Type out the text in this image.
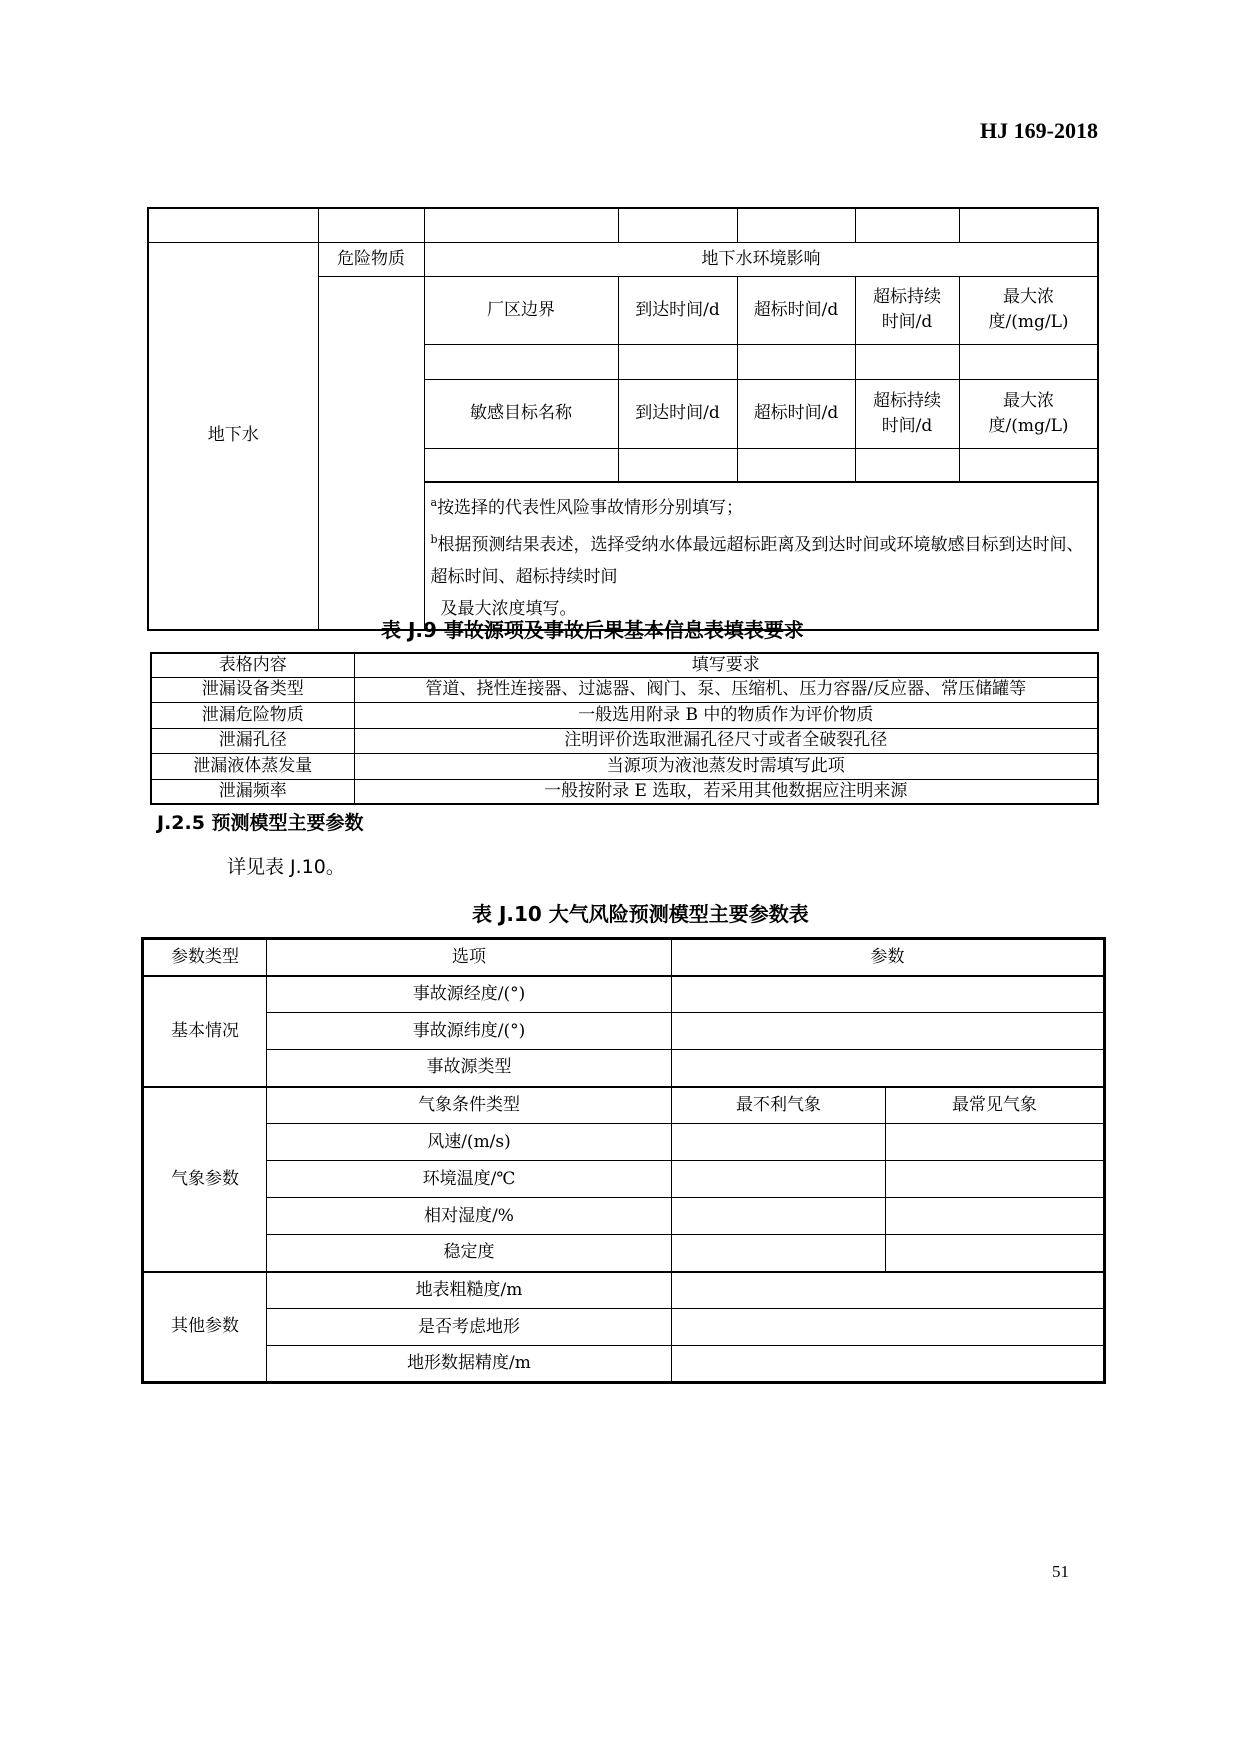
HJ 169-2018

地下水	危险物质	地下水环境影响				
		厂区边界	到达时间/d	超标时间/d	超标持续时间/d	最大浓度/(mg/L)

		敏感目标名称	到达时间/d	超标时间/d	超标持续时间/d	最大浓度/(mg/L)

		$^a$按选择的代表性风险事故情形分别填写；
$^b$根据预测结果表述，选择受纳水体最远超标距离及到达时间或环境敏感目标到达时间、超标时间、超标持续时间
及最大浓度填写。				
表 J.9 事故源项及事故后果基本信息表填表要求
表格内容	填写要求
泄漏设备类型	管道、挠性连接器、过滤器、阀门、泵、压缩机、压力容器/反应器、常压储罐等
泄漏危险物质	一般选用附录 B 中的物质作为评价物质
泄漏孔径	注明评价选取泄漏孔径尺寸或者全破裂孔径
泄漏液体蒸发量	当源项为液池蒸发时需填写此项
泄漏频率	一般按附录 E 选取，若采用其他数据应注明来源
J.2.5 预测模型主要参数
详见表 J.10。
表 J.10 大气风险预测模型主要参数表
参数类型	选项	参数	
基本情况	事故源经度/(°)		
	事故源纬度/(°)		
	事故源类型		
气象参数	气象条件类型	最不利气象	最常见气象
	风速/(m/s)		
	环境温度/℃		
	相对湿度/%		
	稳定度		
其他参数	地表粗糙度/m		
	是否考虑地形		
	地形数据精度/m		
51
